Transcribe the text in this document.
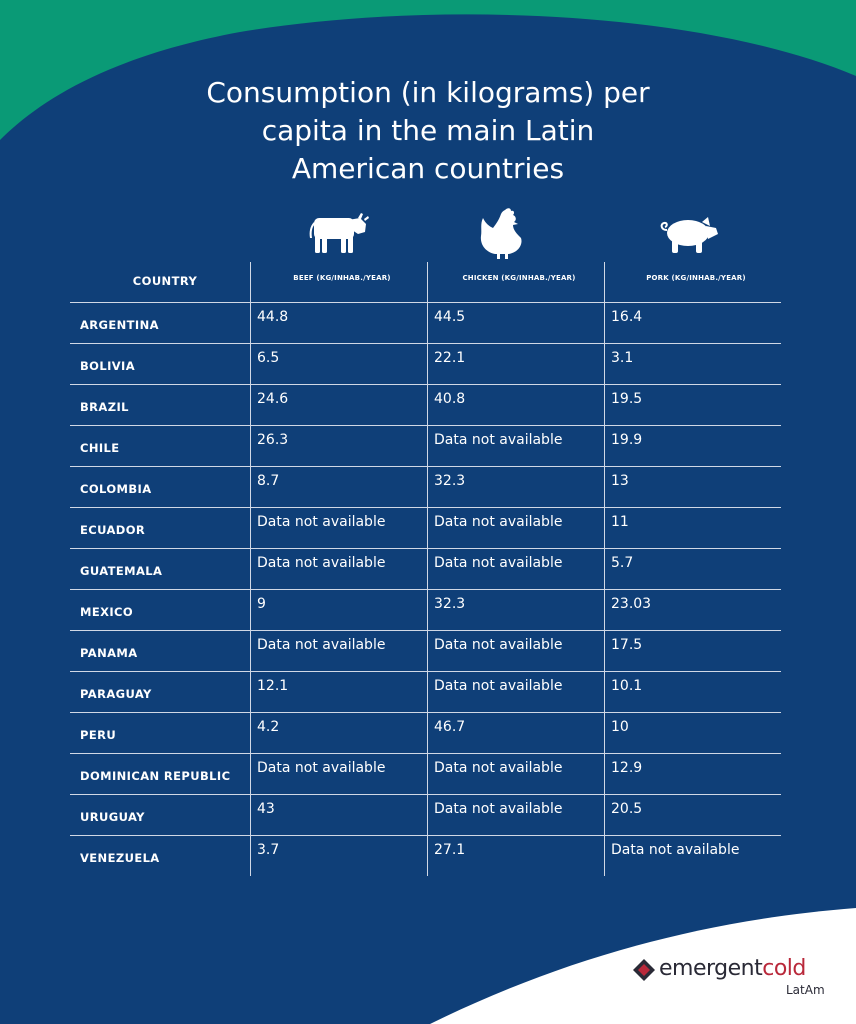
Consumption (in kilograms) per
capita in the main Latin
American countries
COUNTRY	BEEF (KG/INHAB./YEAR)	CHICKEN (KG/INHAB./YEAR)	PORK (KG/INHAB./YEAR)

ARGENTINA	44.8	44.5	16.4

BOLIVIA	6.5	22.1	3.1

BRAZIL	24.6	40.8	19.5

CHILE	26.3	Data not available	19.9

COLOMBIA	8.7	32.3	13

ECUADOR	Data not available	Data not available	11

GUATEMALA	Data not available	Data not available	5.7

MEXICO	9	32.3	23.03

PANAMA	Data not available	Data not available	17.5

PARAGUAY	12.1	Data not available	10.1

PERU	4.2	46.7	10

DOMINICAN REPUBLIC	Data not available	Data not available	12.9

URUGUAY	43	Data not available	20.5

VENEZUELA	3.7	27.1	Data not available
emergentcold
LatAm
